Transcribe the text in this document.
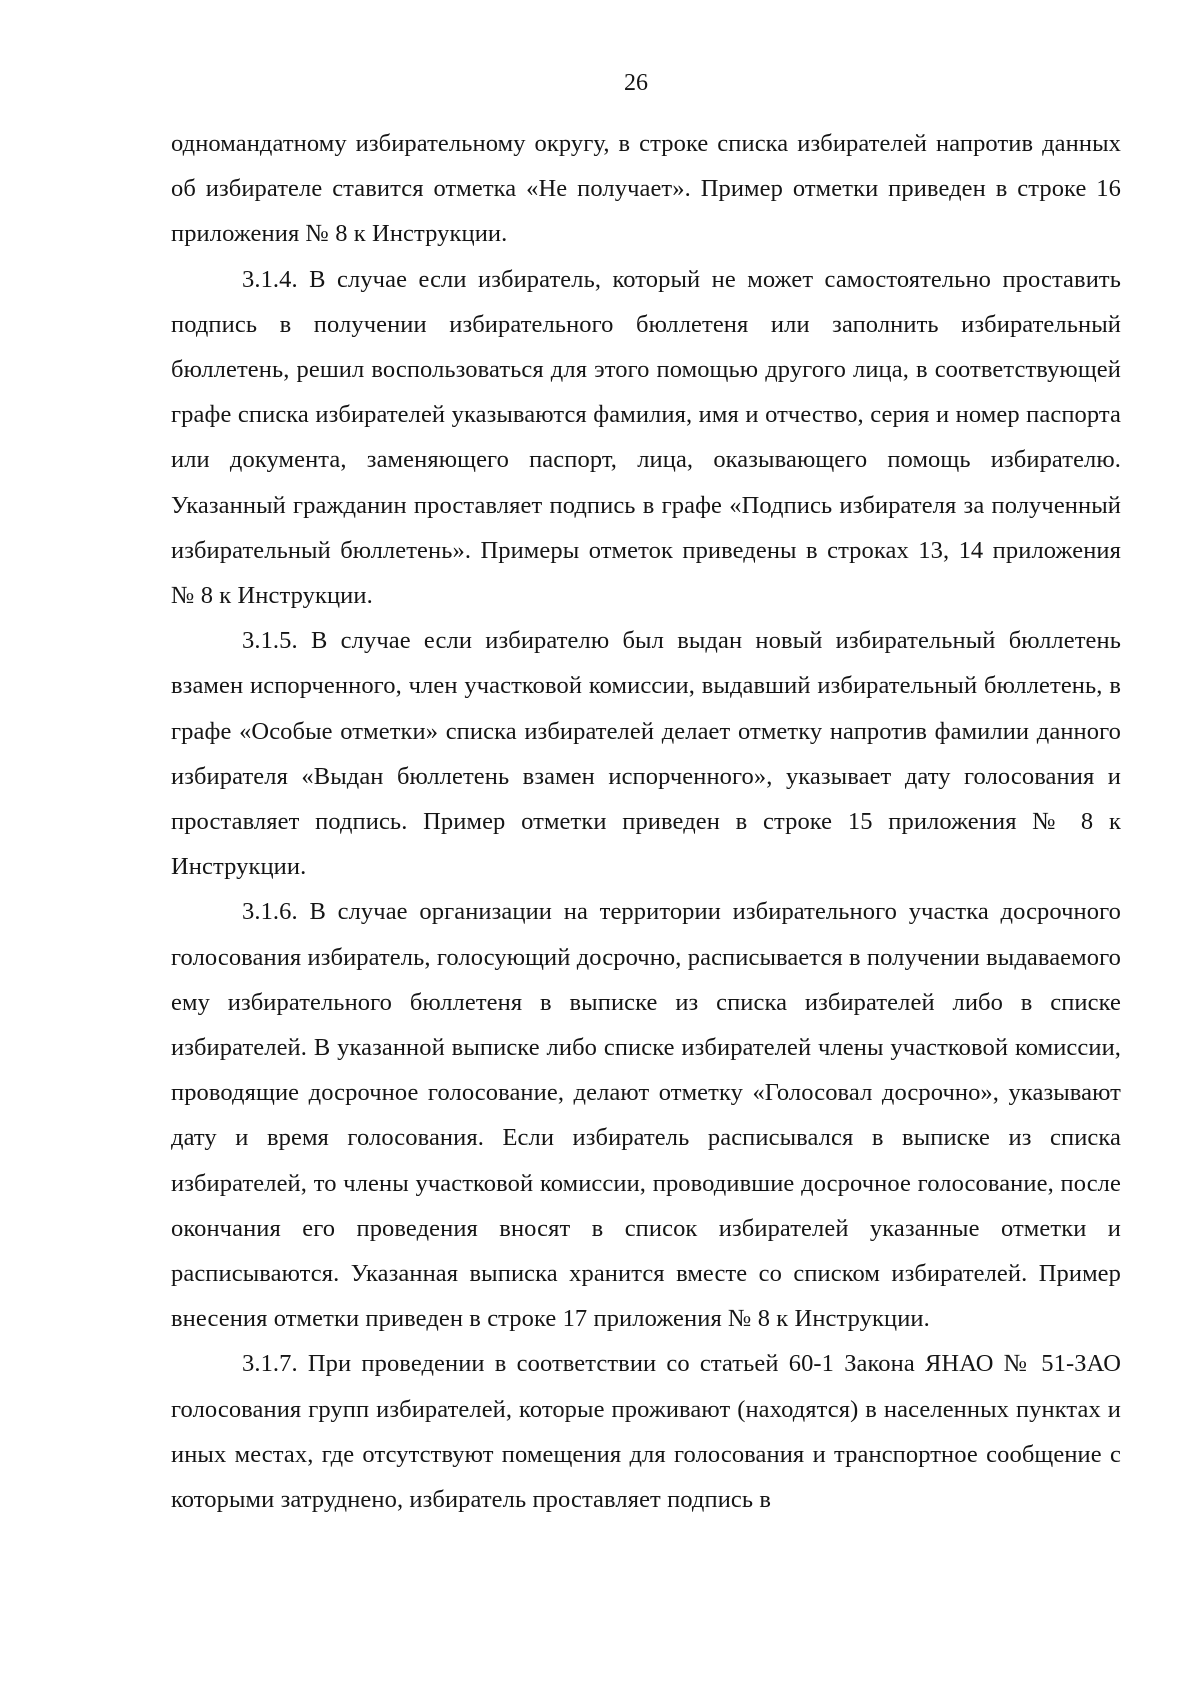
26

одномандатному избирательному округу, в строке списка избирателей напротив данных об избирателе ставится отметка «Не получает». Пример отметки приведен в строке 16 приложения № 8 к Инструкции.

3.1.4. В случае если избиратель, который не может самостоятельно проставить подпись в получении избирательного бюллетеня или заполнить избирательный бюллетень, решил воспользоваться для этого помощью другого лица, в соответствующей графе списка избирателей указываются фамилия, имя и отчество, серия и номер паспорта или документа, заменяющего паспорт, лица, оказывающего помощь избирателю. Указанный гражданин проставляет подпись в графе «Подпись избирателя за полученный избирательный бюллетень». Примеры отметок приведены в строках 13, 14 приложения № 8 к Инструкции.

3.1.5. В случае если избирателю был выдан новый избирательный бюллетень взамен испорченного, член участковой комиссии, выдавший избирательный бюллетень, в графе «Особые отметки» списка избирателей делает отметку напротив фамилии данного избирателя «Выдан бюллетень взамен испорченного», указывает дату голосования и проставляет подпись. Пример отметки приведен в строке 15 приложения № 8 к Инструкции.

3.1.6. В случае организации на территории избирательного участка досрочного голосования избиратель, голосующий досрочно, расписывается в получении выдаваемого ему избирательного бюллетеня в выписке из списка избирателей либо в списке избирателей. В указанной выписке либо списке избирателей члены участковой комиссии, проводящие досрочное голосование, делают отметку «Голосовал досрочно», указывают дату и время голосования. Если избиратель расписывался в выписке из списка избирателей, то члены участковой комиссии, проводившие досрочное голосование, после окончания его проведения вносят в список избирателей указанные отметки и расписываются. Указанная выписка хранится вместе со списком избирателей. Пример внесения отметки приведен в строке 17 приложения № 8 к Инструкции.

3.1.7. При проведении в соответствии со статьей 60-1 Закона ЯНАО № 51-ЗАО голосования групп избирателей, которые проживают (находятся) в населенных пунктах и иных местах, где отсутствуют помещения для голосования и транспортное сообщение с которыми затруднено, избиратель проставляет подпись в
